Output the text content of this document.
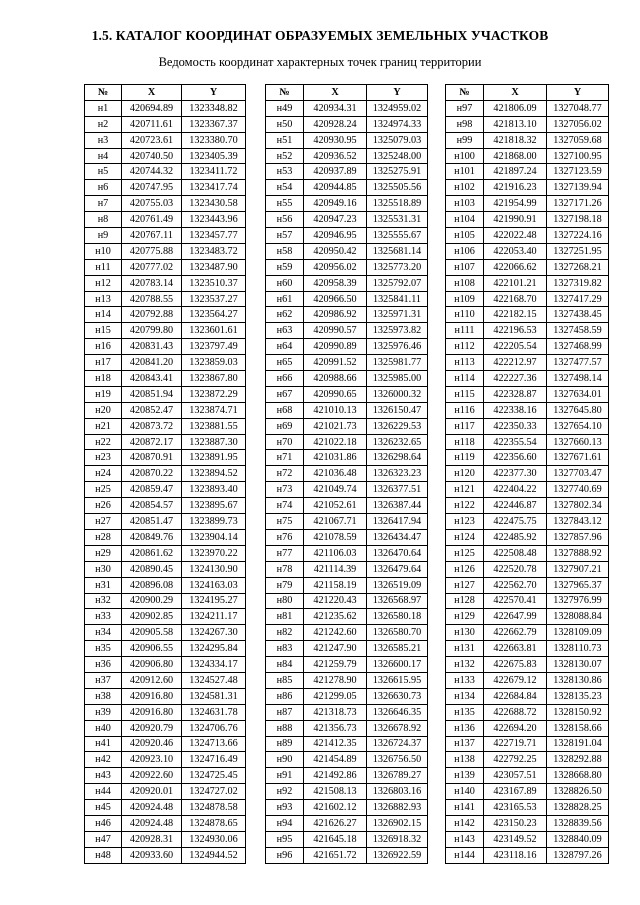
1.5. КАТАЛОГ КООРДИНАТ ОБРАЗУЕМЫХ ЗЕМЕЛЬНЫХ УЧАСТКОВ
Ведомость координат характерных точек границ территории
№	X	Y
н1	420694.89	1323348.82
н2	420711.61	1323367.37
н3	420723.61	1323380.70
н4	420740.50	1323405.39
н5	420744.32	1323411.72
н6	420747.95	1323417.74
н7	420755.03	1323430.58
н8	420761.49	1323443.96
н9	420767.11	1323457.77
н10	420775.88	1323483.72
н11	420777.02	1323487.90
н12	420783.14	1323510.37
н13	420788.55	1323537.27
н14	420792.88	1323564.27
н15	420799.80	1323601.61
н16	420831.43	1323797.49
н17	420841.20	1323859.03
н18	420843.41	1323867.80
н19	420851.94	1323872.29
н20	420852.47	1323874.71
н21	420873.72	1323881.55
н22	420872.17	1323887.30
н23	420870.91	1323891.95
н24	420870.22	1323894.52
н25	420859.47	1323893.40
н26	420854.57	1323895.67
н27	420851.47	1323899.73
н28	420849.76	1323904.14
н29	420861.62	1323970.22
н30	420890.45	1324130.90
н31	420896.08	1324163.03
н32	420900.29	1324195.27
н33	420902.85	1324211.17
н34	420905.58	1324267.30
н35	420906.55	1324295.84
н36	420906.80	1324334.17
н37	420912.60	1324527.48
н38	420916.80	1324581.31
н39	420916.80	1324631.78
н40	420920.79	1324706.76
н41	420920.46	1324713.66
н42	420923.10	1324716.49
н43	420922.60	1324725.45
н44	420920.01	1324727.02
н45	420924.48	1324878.58
н46	420924.48	1324878.65
н47	420928.31	1324930.06
н48	420933.60	1324944.52
№	X	Y
н49	420934.31	1324959.02
н50	420928.24	1324974.33
н51	420930.95	1325079.03
н52	420936.52	1325248.00
н53	420937.89	1325275.91
н54	420944.85	1325505.56
н55	420949.16	1325518.89
н56	420947.23	1325531.31
н57	420946.95	1325555.67
н58	420950.42	1325681.14
н59	420956.02	1325773.20
н60	420958.39	1325792.07
н61	420966.50	1325841.11
н62	420986.92	1325971.31
н63	420990.57	1325973.82
н64	420990.89	1325976.46
н65	420991.52	1325981.77
н66	420988.66	1325985.00
н67	420990.65	1326000.32
н68	421010.13	1326150.47
н69	421021.73	1326229.53
н70	421022.18	1326232.65
н71	421031.86	1326298.64
н72	421036.48	1326323.23
н73	421049.74	1326377.51
н74	421052.61	1326387.44
н75	421067.71	1326417.94
н76	421078.59	1326434.47
н77	421106.03	1326470.64
н78	421114.39	1326479.64
н79	421158.19	1326519.09
н80	421220.43	1326568.97
н81	421235.62	1326580.18
н82	421242.60	1326580.70
н83	421247.90	1326585.21
н84	421259.79	1326600.17
н85	421278.90	1326615.95
н86	421299.05	1326630.73
н87	421318.73	1326646.35
н88	421356.73	1326678.92
н89	421412.35	1326724.37
н90	421454.89	1326756.50
н91	421492.86	1326789.27
н92	421508.13	1326803.16
н93	421602.12	1326882.93
н94	421626.27	1326902.15
н95	421645.18	1326918.32
н96	421651.72	1326922.59
№	X	Y
н97	421806.09	1327048.77
н98	421813.10	1327056.02
н99	421818.32	1327059.68
н100	421868.00	1327100.95
н101	421897.24	1327123.59
н102	421916.23	1327139.94
н103	421954.99	1327171.26
н104	421990.91	1327198.18
н105	422022.48	1327224.16
н106	422053.40	1327251.95
н107	422066.62	1327268.21
н108	422101.21	1327319.82
н109	422168.70	1327417.29
н110	422182.15	1327438.45
н111	422196.53	1327458.59
н112	422205.54	1327468.99
н113	422212.97	1327477.57
н114	422227.36	1327498.14
н115	422328.87	1327634.01
н116	422338.16	1327645.80
н117	422350.33	1327654.10
н118	422355.54	1327660.13
н119	422356.60	1327671.61
н120	422377.30	1327703.47
н121	422404.22	1327740.69
н122	422446.87	1327802.34
н123	422475.75	1327843.12
н124	422485.92	1327857.96
н125	422508.48	1327888.92
н126	422520.78	1327907.21
н127	422562.70	1327965.37
н128	422570.41	1327976.99
н129	422647.99	1328088.84
н130	422662.79	1328109.09
н131	422663.81	1328110.73
н132	422675.83	1328130.07
н133	422679.12	1328130.86
н134	422684.84	1328135.23
н135	422688.72	1328150.92
н136	422694.20	1328158.66
н137	422719.71	1328191.04
н138	422792.25	1328292.88
н139	423057.51	1328668.80
н140	423167.89	1328826.50
н141	423165.53	1328828.25
н142	423150.23	1328839.56
н143	423149.52	1328840.09
н144	423118.16	1328797.26
